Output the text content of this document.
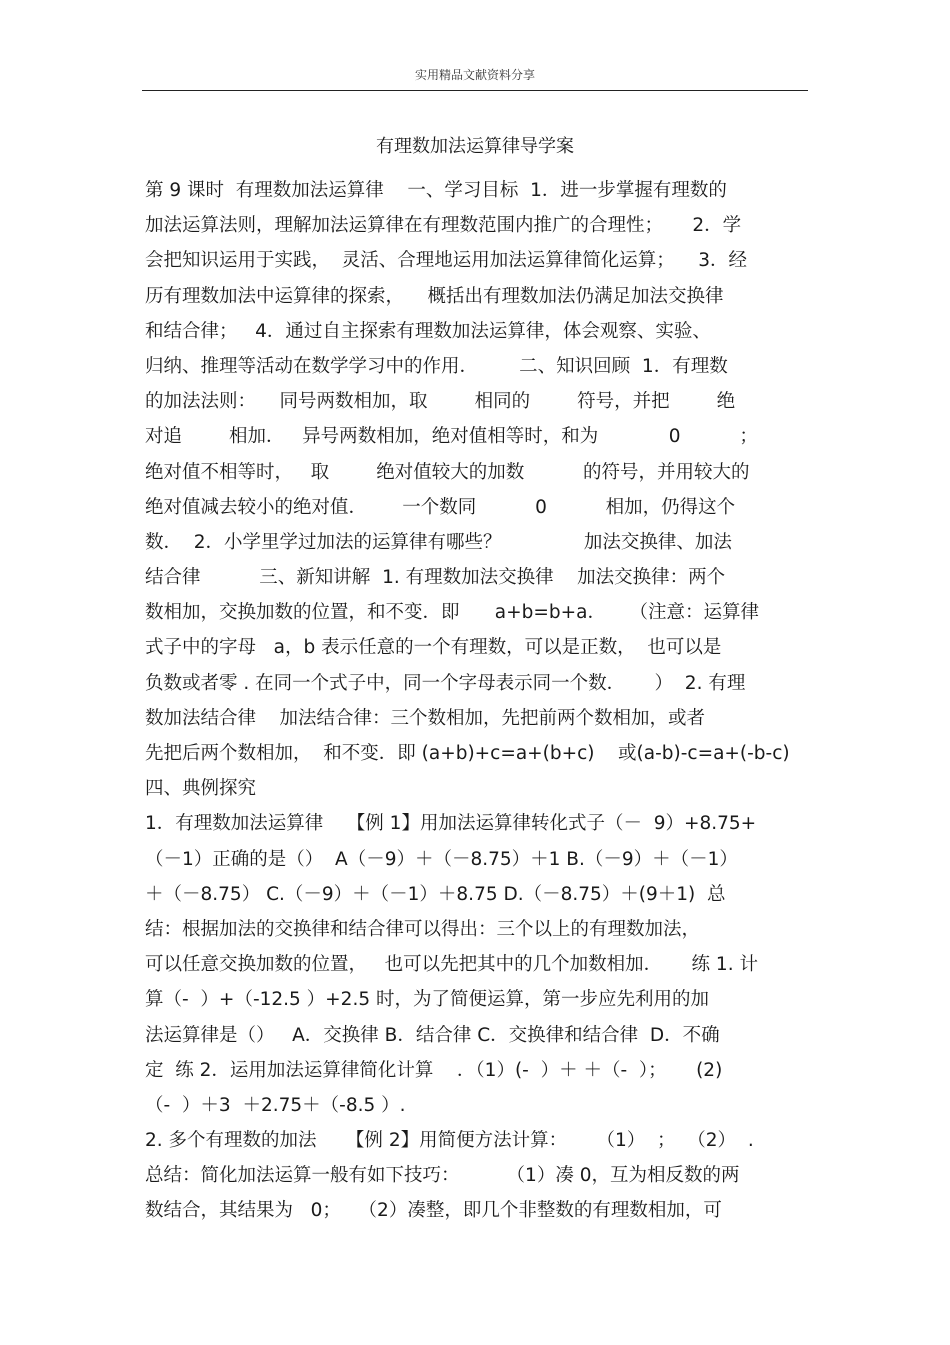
实用精品文献资料分享
有理数加法运算律导学案
第 9 课时  有理数加法运算律    一、学习目标  1．进一步掌握有理数的
加法运算法则，理解加法运算律在有理数范围内推广的合理性；     2．学
会把知识运用于实践，  灵活、合理地运用加法运算律简化运算；    3．经
历有理数加法中运算律的探索，    概括出有理数加法仍满足加法交换律
和结合律；   4．通过自主探索有理数加法运算律，体会观察、实验、
归纳、推理等活动在数学学习中的作用．       二、知识回顾  1．有理数
的加法法则：    同号两数相加，取        相同的        符号，并把        绝
对追        相加．   异号两数相加，绝对值相等时，和为            0          ；
绝对值不相等时，   取        绝对值较大的加数          的符号，并用较大的
绝对值减去较小的绝对值．      一个数同          0          相加，仍得这个
数．  2．小学里学过加法的运算律有哪些？              加法交换律、加法
结合律          三、新知讲解  1. 有理数加法交换律    加法交换律：两个
数相加，交换加数的位置，和不变．即      a+b=b+a．    （注意：运算律
式子中的字母   a，b 表示任意的一个有理数，可以是正数，  也可以是
负数或者零 . 在同一个式子中，同一个字母表示同一个数．     ）  2. 有理
数加法结合律    加法结合律：三个数相加，先把前两个数相加，或者
先把后两个数相加，  和不变．即 (a+b)+c=a+(b+c)    或(a-b)-c=a+(-b-c)
四、典例探究
1．有理数加法运算律    【例 1】用加法运算律转化式子（－  9）+8.75+
（－1）正确的是（）  A（－9）＋（－8.75）＋1 B.（－9）＋（－1）
＋（－8.75） C.（－9）＋（－1）＋8.75 D.（－8.75）＋(9＋1)  总
结：根据加法的交换律和结合律可以得出：三个以上的有理数加法，
可以任意交换加数的位置，   也可以先把其中的几个加数相加．     练 1. 计
算（-  ）+（-12.5 ）+2.5 时，为了简便运算，第一步应先利用的加
法运算律是（）   A．交换律 B．结合律 C．交换律和结合律  D．不确
定  练 2．运用加法运算律简化计算    ．（1）(-  ）＋ ＋（-  ）；     (2)
（-  ）＋3  ＋2.75＋（-8.5 ）.
2. 多个有理数的加法     【例 2】用简便方法计算：     （1）  ；  （2）  .
总结：简化加法运算一般有如下技巧：        （1）凑 0，互为相反数的两
数结合，其结果为   0；   （2）凑整，即几个非整数的有理数相加，可
